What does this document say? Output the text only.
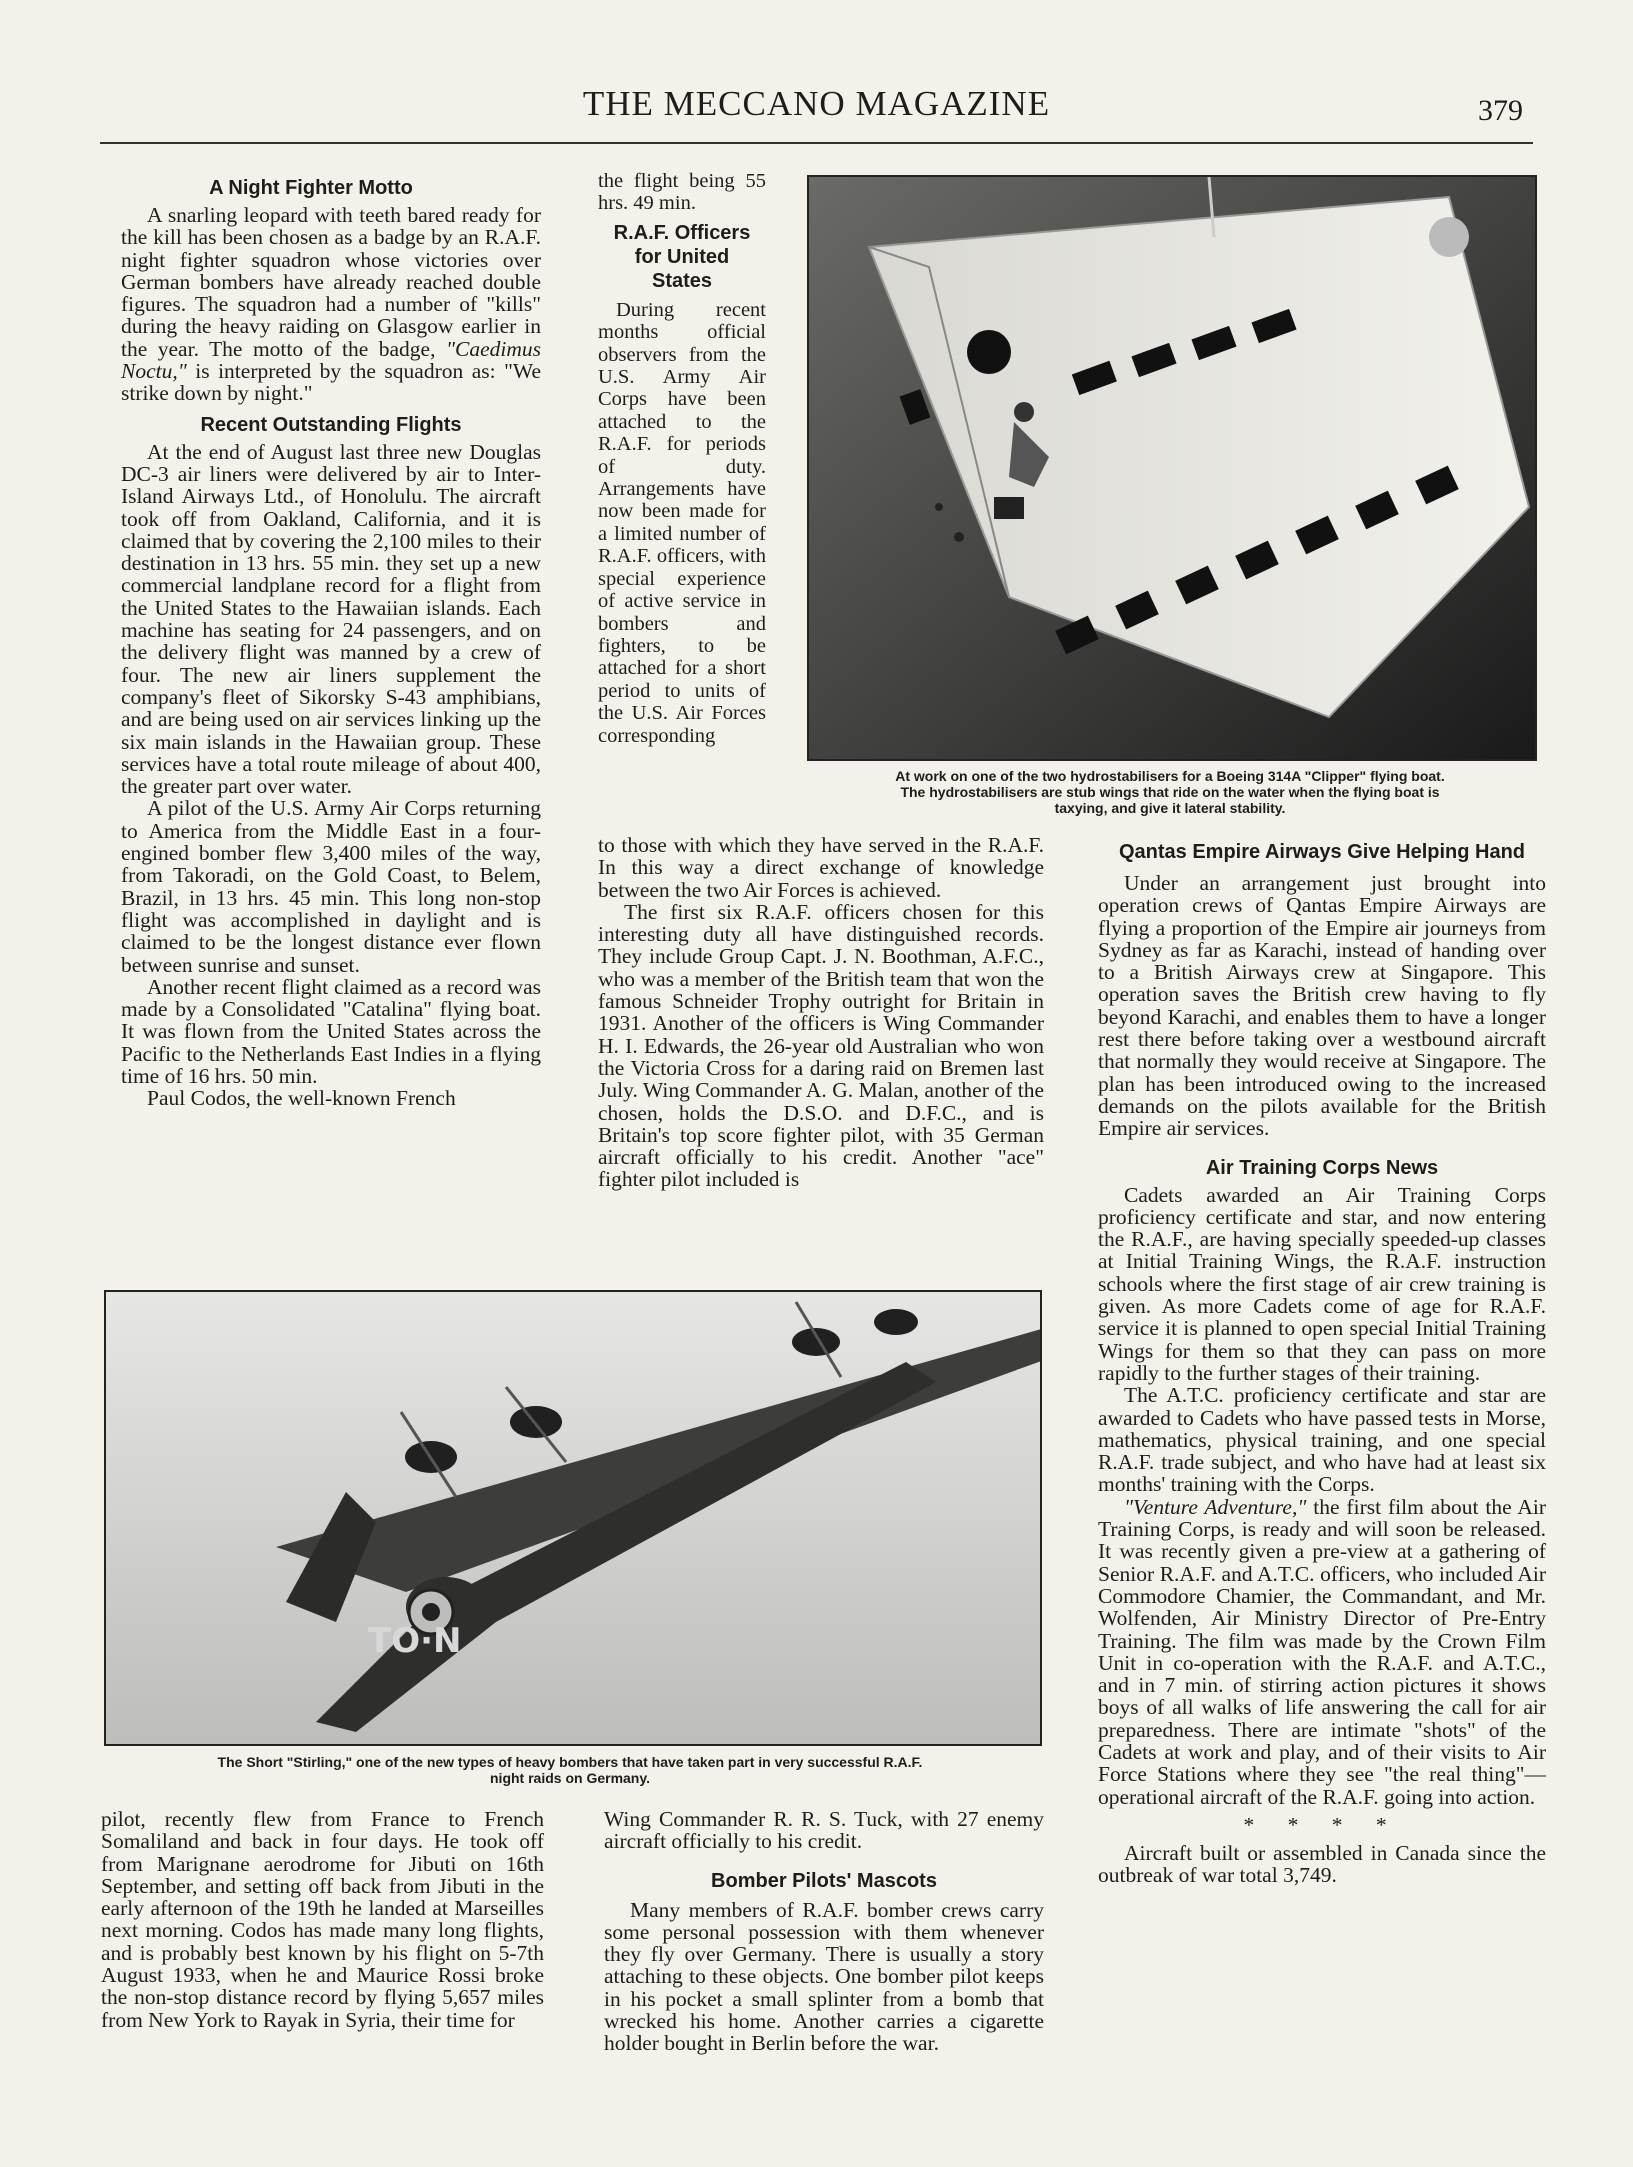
THE MECCANO MAGAZINE	379
A Night Fighter Motto

A snarling leopard with teeth bared ready for the kill has been chosen as a badge by an R.A.F. night fighter squadron whose victories over German bombers have already reached double figures. The squadron had a number of "kills" during the heavy raiding on Glasgow earlier in the year. The motto of the badge, "Caedimus Noctu," is interpreted by the squadron as: "We strike down by night."

Recent Outstanding Flights

At the end of August last three new Douglas DC-3 air liners were delivered by air to Inter-Island Airways Ltd., of Honolulu. The aircraft took off from Oakland, California, and it is claimed that by covering the 2,100 miles to their destination in 13 hrs. 55 min. they set up a new commercial landplane record for a flight from the United States to the Hawaiian islands. Each machine has seating for 24 passengers, and on the delivery flight was manned by a crew of four. The new air liners supplement the company's fleet of Sikorsky S-43 amphibians, and are being used on air services linking up the six main islands in the Hawaiian group. These services have a total route mileage of about 400, the greater part over water.

A pilot of the U.S. Army Air Corps returning to America from the Middle East in a four-engined bomber flew 3,400 miles of the way, from Takoradi, on the Gold Coast, to Belem, Brazil, in 13 hrs. 45 min. This long non-stop flight was accomplished in daylight and is claimed to be the longest distance ever flown between sunrise and sunset.

Another recent flight claimed as a record was made by a Consolidated "Catalina" flying boat. It was flown from the United States across the Pacific to the Netherlands East Indies in a flying time of 16 hrs. 50 min.

Paul Codos, the well-known French

the flight being 55 hrs. 49 min.

R.A.F. Officers
for United
States

During recent months official observers from the U.S. Army Air Corps have been attached to the R.A.F. for periods of duty. Arrangements have now been made for a limited number of R.A.F. officers, with special experience of active service in bombers and fighters, to be attached for a short period to units of the U.S. Air Forces corresponding

At work on one of the two hydrostabilisers for a Boeing 314A "Clipper" flying boat.
The hydrostabilisers are stub wings that ride on the water when the flying boat is
taxying, and give it lateral stability.

to those with which they have served in the R.A.F. In this way a direct exchange of knowledge between the two Air Forces is achieved.

The first six R.A.F. officers chosen for this interesting duty all have distinguished records. They include Group Capt. J. N. Boothman, A.F.C., who was a member of the British team that won the famous Schneider Trophy outright for Britain in 1931. Another of the officers is Wing Commander H. I. Edwards, the 26-year old Australian who won the Victoria Cross for a daring raid on Bremen last July. Wing Commander A. G. Malan, another of the chosen, holds the D.S.O. and D.F.C., and is Britain's top score fighter pilot, with 35 German aircraft officially to his credit. Another "ace" fighter pilot included is

Qantas Empire Airways Give Helping Hand

Under an arrangement just brought into operation crews of Qantas Empire Airways are flying a proportion of the Empire air journeys from Sydney as far as Karachi, instead of handing over to a British Airways crew at Singapore. This operation saves the British crew having to fly beyond Karachi, and enables them to have a longer rest there before taking over a westbound aircraft that normally they would receive at Singapore. The plan has been introduced owing to the increased demands on the pilots available for the British Empire air services.

Air Training Corps News

Cadets awarded an Air Training Corps proficiency certificate and star, and now entering the R.A.F., are having specially speeded-up classes at Initial Training Wings, the R.A.F. instruction schools where the first stage of air crew training is given. As more Cadets come of age for R.A.F. service it is planned to open special Initial Training Wings for them so that they can pass on more rapidly to the further stages of their training.

The A.T.C. proficiency certificate and star are awarded to Cadets who have passed tests in Morse, mathematics, physical training, and one special R.A.F. trade subject, and who have had at least six months' training with the Corps.

"Venture Adventure," the first film about the Air Training Corps, is ready and will soon be released. It was recently given a pre-view at a gathering of Senior R.A.F. and A.T.C. officers, who included Air Commodore Chamier, the Commandant, and Mr. Wolfenden, Air Ministry Director of Pre-Entry Training. The film was made by the Crown Film Unit in co-operation with the R.A.F. and A.T.C., and in 7 min. of stirring action pictures it shows boys of all walks of life answering the call for air preparedness. There are intimate "shots" of the Cadets at work and play, and of their visits to Air Force Stations where they see "the real thing"—operational aircraft of the R.A.F. going into action.

* * * *

Aircraft built or assembled in Canada since the outbreak of war total 3,749.

TO·N
The Short "Stirling," one of the new types of heavy bombers that have taken part in very successful R.A.F.
night raids on Germany.

pilot, recently flew from France to French Somaliland and back in four days. He took off from Marignane aerodrome for Jibuti on 16th September, and setting off back from Jibuti in the early afternoon of the 19th he landed at Marseilles next morning. Codos has made many long flights, and is probably best known by his flight on 5-7th August 1933, when he and Maurice Rossi broke the non-stop distance record by flying 5,657 miles from New York to Rayak in Syria, their time for

Wing Commander R. R. S. Tuck, with 27 enemy aircraft officially to his credit.

Bomber Pilots' Mascots

Many members of R.A.F. bomber crews carry some personal possession with them whenever they fly over Germany. There is usually a story attaching to these objects. One bomber pilot keeps in his pocket a small splinter from a bomb that wrecked his home. Another carries a cigarette holder bought in Berlin before the war.
